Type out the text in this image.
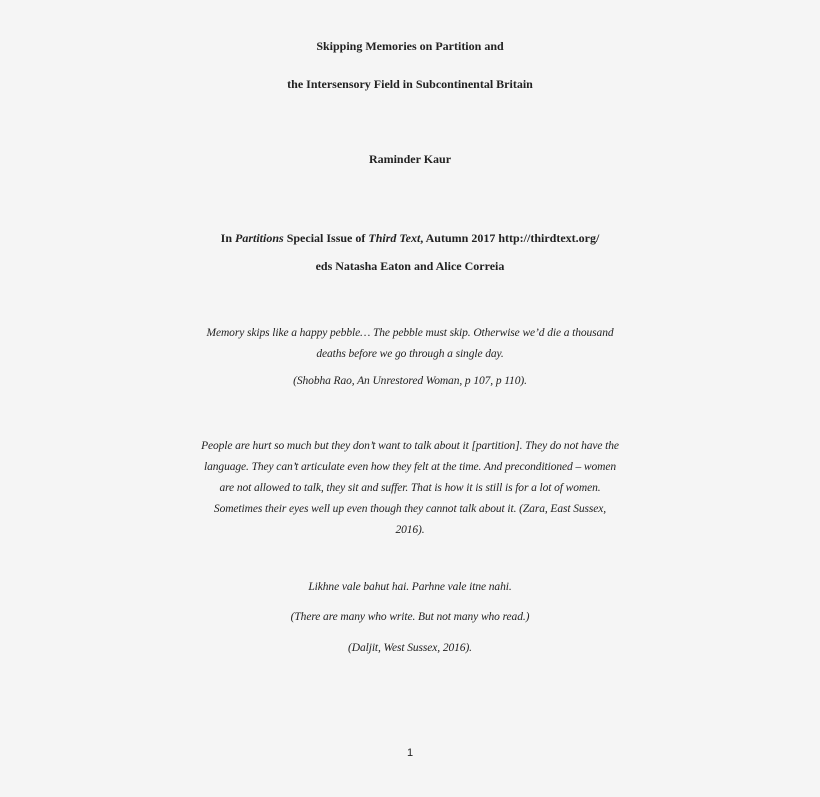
Skipping Memories on Partition and
the Intersensory Field in Subcontinental Britain
Raminder Kaur
In Partitions Special Issue of Third Text, Autumn 2017 http://thirdtext.org/
eds Natasha Eaton and Alice Correia
Memory skips like a happy pebble… The pebble must skip. Otherwise we’d die a thousand
deaths before we go through a single day.
(Shobha Rao, An Unrestored Woman, p 107, p 110).
People are hurt so much but they don’t want to talk about it [partition]. They do not have the
language. They can’t articulate even how they felt at the time. And preconditioned – women
are not allowed to talk, they sit and suffer. That is how it is still is for a lot of women.
Sometimes their eyes well up even though they cannot talk about it. (Zara, East Sussex,
2016).
Likhne vale bahut hai. Parhne vale itne nahi.
(There are many who write. But not many who read.)
(Daljit, West Sussex, 2016).
1
